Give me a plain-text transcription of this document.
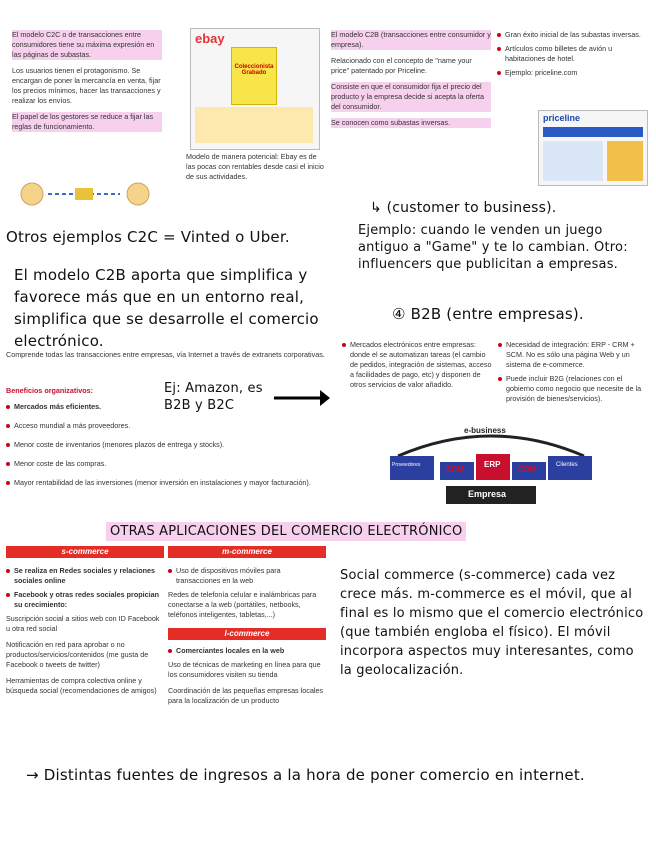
El modelo C2C o de transacciones entre consumidores tiene su máxima expresión en las páginas de subastas.
Los usuarios tienen el protagonismo. Se encargan de poner la mercancía en venta, fijar los precios mínimos, hacer las transacciones y realizar los envíos.
El papel de los gestores se reduce a fijar las reglas de funcionamiento.
ebay
Coleccionista Grabado
Modelo de manera potencial: Ebay es de las pocas con rentables desde casi el inicio de sus actividades.
El modelo C2B (transacciones entre consumidor y empresa).
Relacionado con el concepto de "name your price" patentado por Priceline.
Consiste en que el consumidor fija el precio del producto y la empresa decide si acepta la oferta del consumidor.
Se conocen como subastas inversas.
Gran éxito inicial de las subastas inversas.
Artículos como billetes de avión u habitaciones de hotel.
Ejemplo: priceline.com
priceline
↳ (customer to business).
Otros ejemplos C2C = Vinted o Uber.	Ejemplo: cuando le venden un juego antiguo a "Game" y te lo cambian. Otro: influencers que publicitan a empresas.
El modelo C2B aporta que simplifica y favorece más que en un entorno real, simplifica que se desarrolle el comercio electrónico.
④ B2B (entre empresas).
Comprende todas las transacciones entre empresas, vía Internet a través de extranets corporativas.
Beneficios organizativos:
Mercados más eficientes.
Acceso mundial a más proveedores.
Menor coste de inventarios (menores plazos de entrega y stocks).
Menor coste de las compras.
Mayor rentabilidad de las inversiones (menor inversión en instalaciones y mayor facturación).
Ej: Amazon, es B2B y B2C
Mercados electrónicos entre empresas: donde el se automatizan tareas (el cambio de pedidos, integración de sistemas, acceso a facilidades de pago, etc) y disponen de otros servicios de valor añadido.
Necesidad de integración: ERP - CRM + SCM. No es sólo una página Web y un sistema de e-commerce.
Puede incluir B2G (relaciones con el gobierno como negocio que necesite de la provisión de bienes/servicios).
e-business
Proveedores	Clientes
SCM
ERP
CRM
Empresa
OTRAS APLICACIONES DEL COMERCIO ELECTRÓNICO
s-commerce
Se realiza en Redes sociales y relaciones sociales online
Facebook y otras redes sociales propician su crecimiento:
Suscripción social a sitios web con ID Facebook u otra red social
Notificación en red para aprobar o no productos/servicios/contenidos (me gusta de Facebook o tweets de twitter)
Herramientas de compra colectiva online y búsqueda social (recomendaciones de amigos)
m-commerce
Uso de dispositivos móviles para transacciones en la web
Redes de telefonía celular e inalámbricas para conectarse a la web (portátiles, netbooks, teléfonos inteligentes, tabletas,...)
l-commerce
Comerciantes locales en la web
Uso de técnicas de marketing en línea para que los consumidores visiten su tienda
Coordinación de las pequeñas empresas locales para la localización de un producto
Social commerce (s-commerce) cada vez crece más. m-commerce es el móvil, que al final es lo mismo que el comercio electrónico (que también engloba el físico). El móvil incorpora aspectos muy interesantes, como la geolocalización.
→ Distintas fuentes de ingresos a la hora de poner comercio en internet.
